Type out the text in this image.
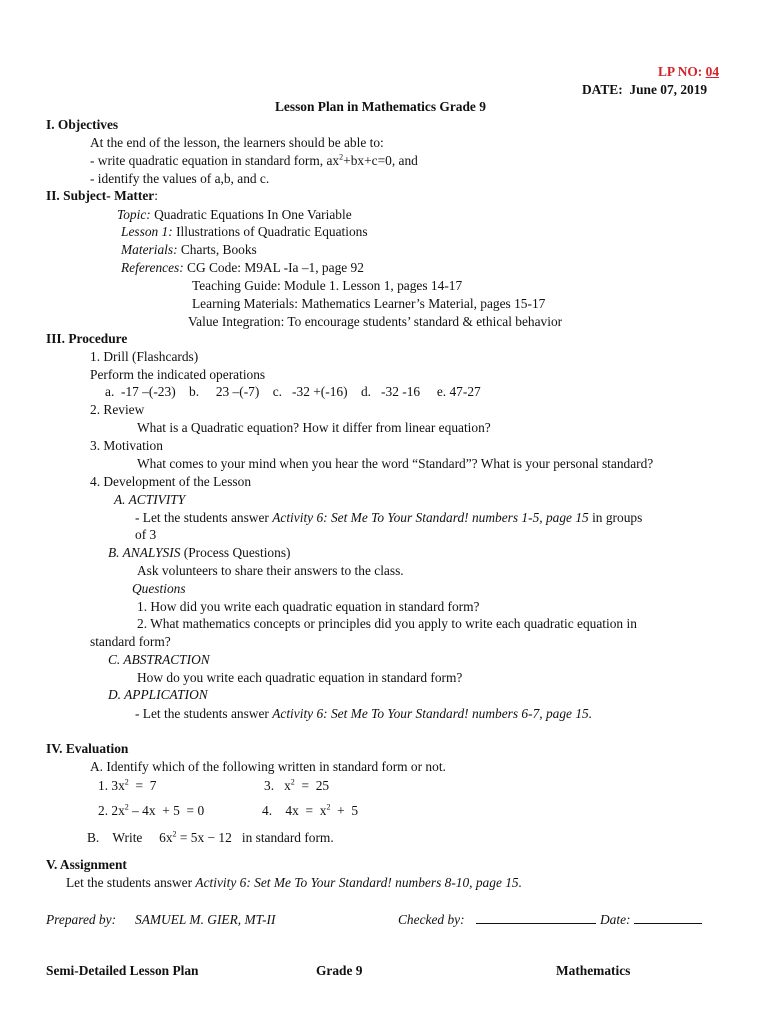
LP NO: 04
DATE: June 07, 2019
Lesson Plan in Mathematics Grade 9
I. Objectives
At the end of the lesson, the learners should be able to:
- write quadratic equation in standard form, $ax^2+bx+c=0$, and
- identify the values of a,b, and c.
II. Subject- Matter:
Topic: Quadratic Equations In One Variable
Lesson 1: Illustrations of Quadratic Equations
Materials: Charts, Books
References: CG Code: M9AL -Ia –1, page 92
Teaching Guide: Module 1. Lesson 1, pages 14-17
Learning Materials: Mathematics Learner’s Material, pages 15-17
Value Integration: To encourage students’ standard & ethical behavior
III. Procedure
1. Drill (Flashcards)
Perform the indicated operations
a.  -17 –(-23)    b.     23 –(-7)    c.   -32 +(-16)    d.   -32 -16     e. 47-27
2. Review
What is a Quadratic equation? How it differ from linear equation?
3. Motivation
What comes to your mind when you hear the word “Standard”? What is your personal standard?
4. Development of the Lesson
A. ACTIVITY
- Let the students answer Activity 6: Set Me To Your Standard! numbers 1-5, page 15 in groups
of 3
B. ANALYSIS (Process Questions)
Ask volunteers to share their answers to the class.
Questions
1. How did you write each quadratic equation in standard form?
2. What mathematics concepts or principles did you apply to write each quadratic equation in
standard form?
C. ABSTRACTION
How do you write each quadratic equation in standard form?
D. APPLICATION
- Let the students answer Activity 6: Set Me To Your Standard! numbers 6-7, page 15.
IV. Evaluation
A. Identify which of the following written in standard form or not.
1. $3x^2 = 7$	3.   $x^2 = 25$
2. $2x^2 - 4x + 5 = 0$	4.    $4x = x^2 + 5$
B.    Write $6x^2 = 5x - 12$ in standard form.
V. Assignment
Let the students answer Activity 6: Set Me To Your Standard! numbers 8-10, page 15.
Prepared by: SAMUEL M. GIER, MT-II	Checked by:	Date:
Semi-Detailed Lesson Plan	Grade 9	Mathematics
